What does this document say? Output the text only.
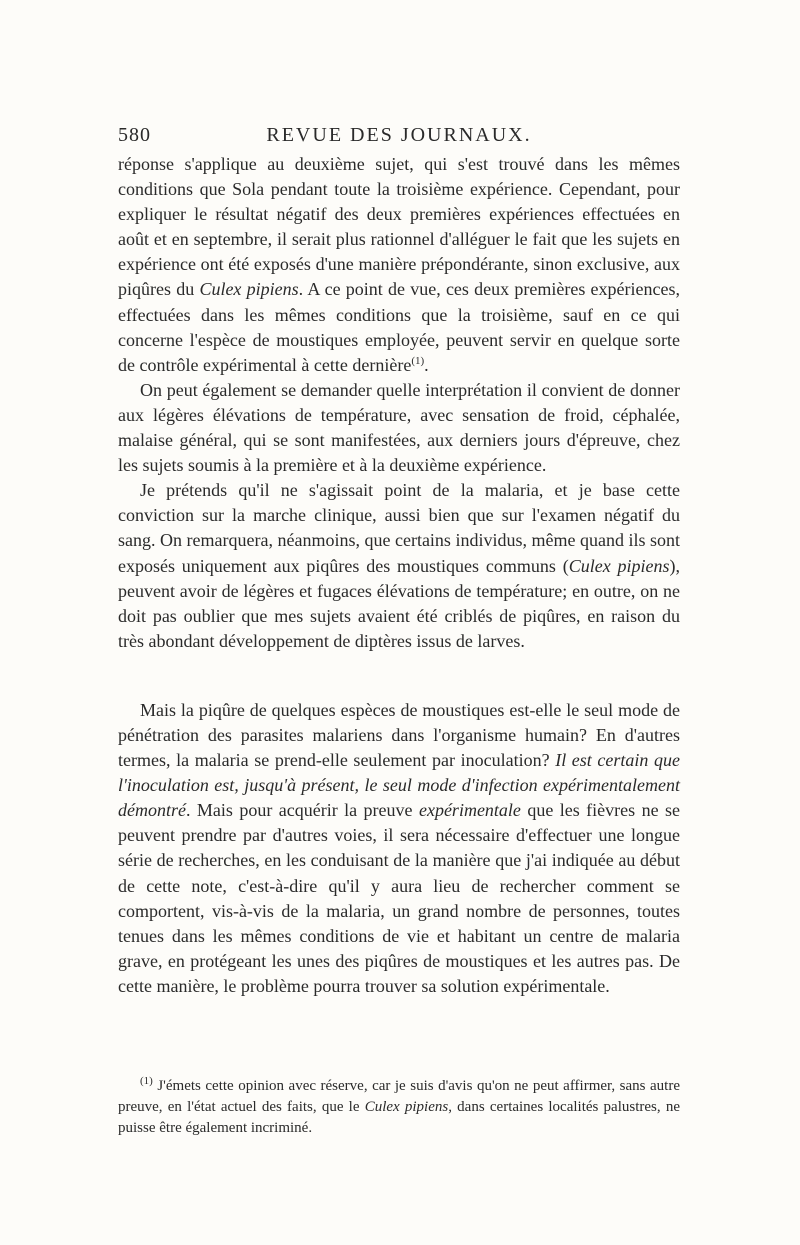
580	REVUE DES JOURNAUX.

réponse s'applique au deuxième sujet, qui s'est trouvé dans les mêmes conditions que Sola pendant toute la troisième expérience. Cependant, pour expliquer le résultat négatif des deux premières expériences effectuées en août et en septembre, il serait plus rationnel d'alléguer le fait que les sujets en expérience ont été exposés d'une manière prépondérante, sinon exclusive, aux piqûres du Culex pipiens. A ce point de vue, ces deux premières expériences, effectuées dans les mêmes conditions que la troisième, sauf en ce qui concerne l'espèce de moustiques employée, peuvent servir en quelque sorte de contrôle expérimental à cette dernière$^{(1)}$.

On peut également se demander quelle interprétation il convient de donner aux légères élévations de température, avec sensation de froid, céphalée, malaise général, qui se sont manifestées, aux derniers jours d'épreuve, chez les sujets soumis à la première et à la deuxième expérience.

Je prétends qu'il ne s'agissait point de la malaria, et je base cette conviction sur la marche clinique, aussi bien que sur l'examen négatif du sang. On remarquera, néanmoins, que certains individus, même quand ils sont exposés uniquement aux piqûres des moustiques communs (Culex pipiens), peuvent avoir de légères et fugaces élévations de température; en outre, on ne doit pas oublier que mes sujets avaient été criblés de piqûres, en raison du très abondant développement de diptères issus de larves.

Mais la piqûre de quelques espèces de moustiques est-elle le seul mode de pénétration des parasites malariens dans l'organisme humain? En d'autres termes, la malaria se prend-elle seulement par inoculation? Il est certain que l'inoculation est, jusqu'à présent, le seul mode d'infection expérimentalement démontré. Mais pour acquérir la preuve expérimentale que les fièvres ne se peuvent prendre par d'autres voies, il sera nécessaire d'effectuer une longue série de recherches, en les conduisant de la manière que j'ai indiquée au début de cette note, c'est-à-dire qu'il y aura lieu de rechercher comment se comportent, vis-à-vis de la malaria, un grand nombre de personnes, toutes tenues dans les mêmes conditions de vie et habitant un centre de malaria grave, en protégeant les unes des piqûres de moustiques et les autres pas. De cette manière, le problème pourra trouver sa solution expérimentale.

$^{(1)}$ J'émets cette opinion avec réserve, car je suis d'avis qu'on ne peut affirmer, sans autre preuve, en l'état actuel des faits, que le Culex pipiens, dans certaines localités palustres, ne puisse être également incriminé.
